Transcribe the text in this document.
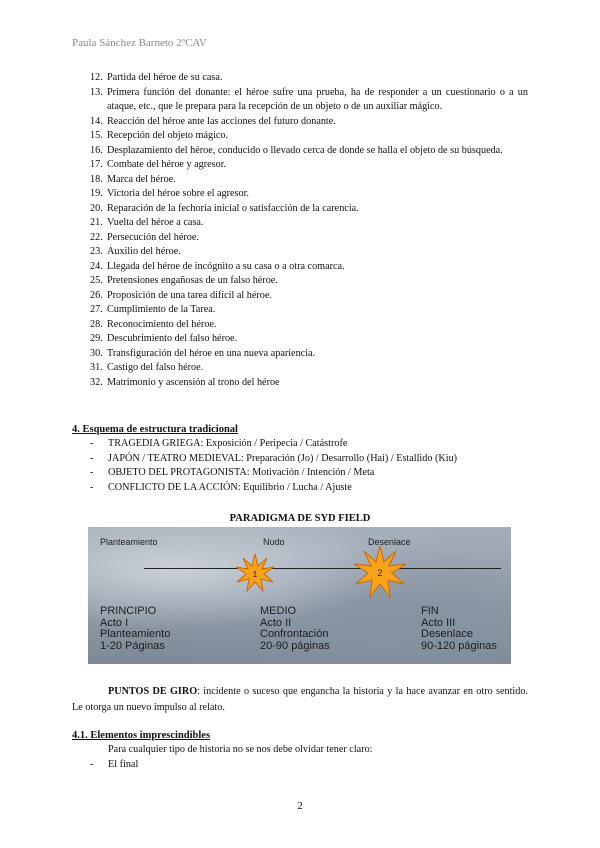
Paula Sánchez Barneto 2ºCAV
12. Partida del héroe de su casa.
13. Primera función del donante: el héroe sufre una prueba, ha de responder a un cuestionario o a un ataque, etc., que le prepara para la recepción de un objeto o de un auxiliar mágico.
14. Reacción del héroe ante las acciones del futuro donante.
15. Recepción del objeto mágico.
16. Desplazamiento del héroe, conducido o llevado cerca de donde se halla el objeto de su búsqueda.
17. Combate del héroe y agresor.
18. Marca del héroe.
19. Victoria del héroe sobre el agresor.
20. Reparación de la fechoría inicial o satisfacción de la carencia.
21. Vuelta del héroe a casa.
22. Persecución del héroe.
23. Auxilio del héroe.
24. Llegada del héroe de incógnito a su casa o a otra comarca.
25. Pretensiones engañosas de un falso héroe.
26. Proposición de una tarea difícil al héroe.
27. Cumplimiento de la Tarea.
28. Reconocimiento del héroe.
29. Descubrimiento del falso héroe.
30. Transfiguración del héroe en una nueva apariencia.
31. Castigo del falso héroe.
32. Matrimonio y ascensión al trono del héroe
4. Esquema de estructura tradicional
-	TRAGEDIA GRIEGA: Exposición / Peripecia / Catástrofe
-	JAPÓN / TEATRO MEDIEVAL: Preparación (Jo) / Desarrollo (Hai) / Estallido (Kiu)
-	OBJETO DEL PROTAGONISTA: Motivación / Intención / Meta
-	CONFLICTO DE LA ACCIÓN: Equilibrio / Lucha / Ajuste
PARADIGMA DE SYD FIELD
Planteamiento	Nudo	Desenlace
1	2
PRINCIPIO
Acto I
Planteamiento
1-20 Páginas
MEDIO
Acto II
Confrontación
20-90 páginas
FIN
Acto III
Desenlace
90-120 páginas
PUNTOS DE GIRO: incidente o suceso que engancha la historia y la hace avanzar en otro sentido. Le otorga un nuevo impulso al relato.
4.1. Elementos imprescindibles
Para cualquier tipo de historia no se nos debe olvidar tener claro:
-	El final
2
